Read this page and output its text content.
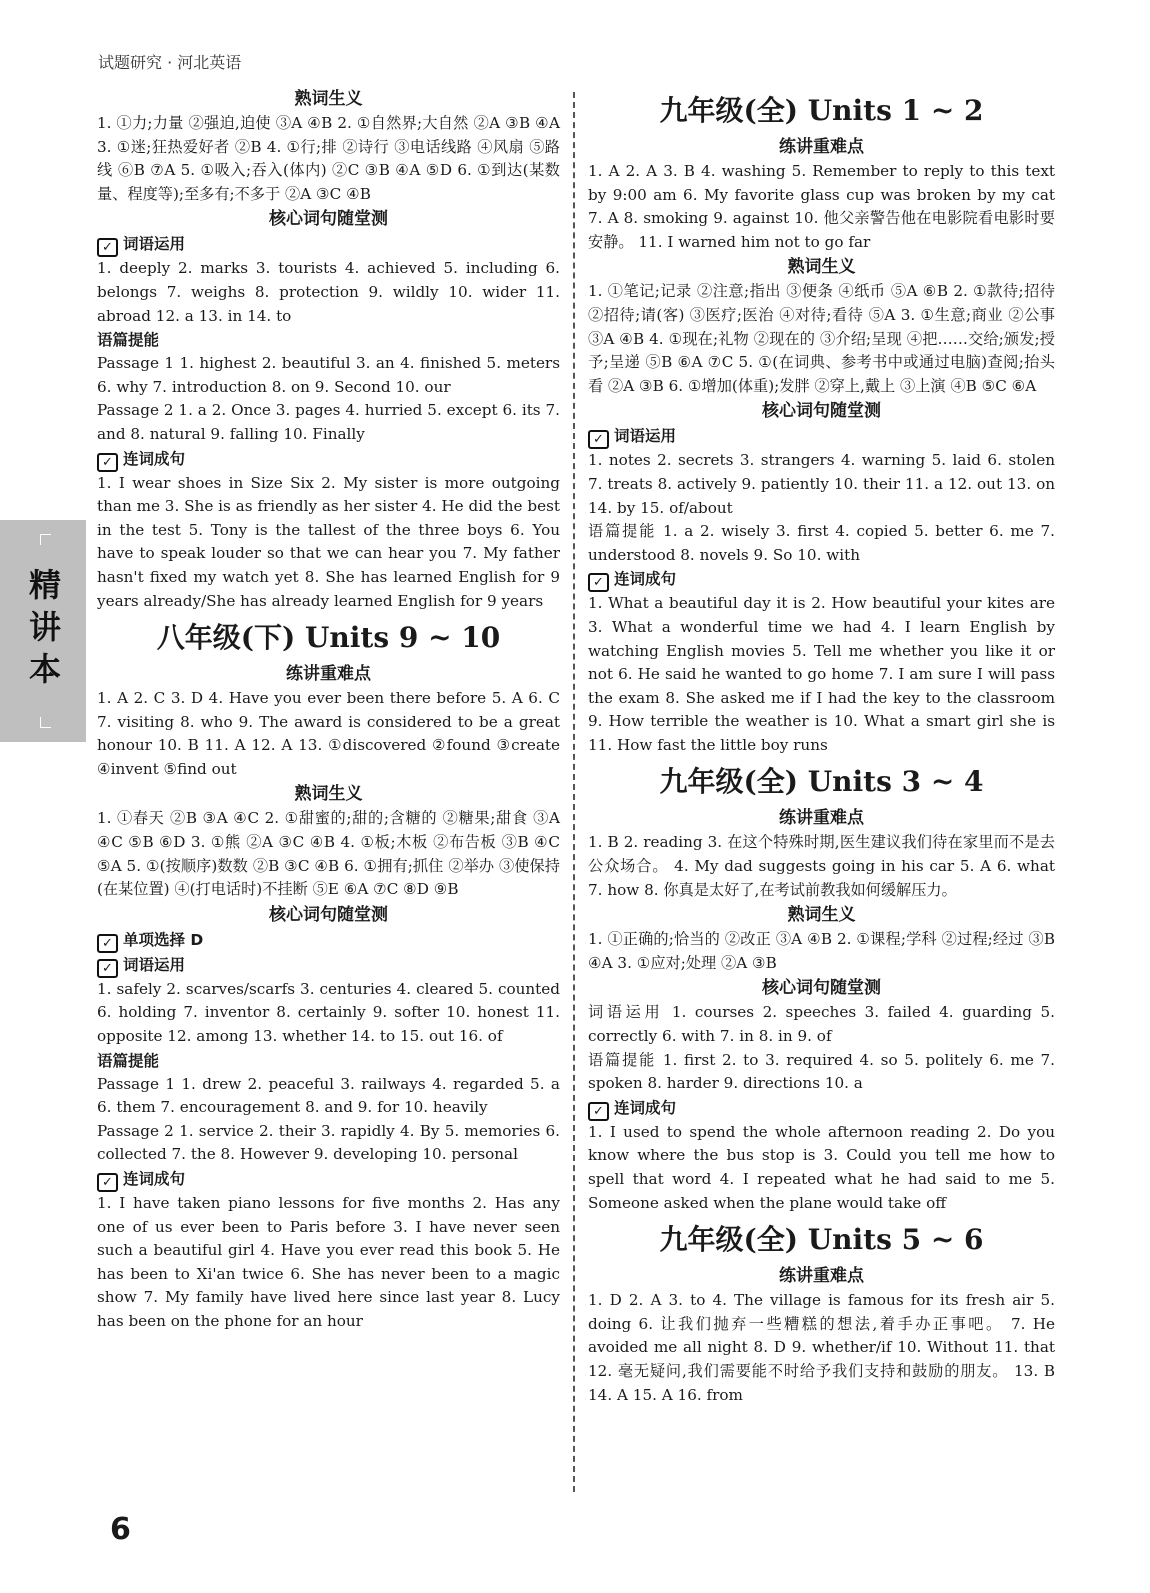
试题研究 · 河北英语
精讲本
熟词生义
1. ①力;力量 ②强迫,迫使 ③A ④B 2. ①自然界;大自然 ②A ③B ④A 3. ①迷;狂热爱好者 ②B 4. ①行;排 ②诗行 ③电话线路 ④风扇 ⑤路线 ⑥B ⑦A 5. ①吸入;吞入(体内) ②C ③B ④A ⑤D 6. ①到达(某数量、程度等);至多有;不多于 ②A ③C ④B
核心词句随堂测
✓ 词语运用
1. deeply 2. marks 3. tourists 4. achieved 5. including 6. belongs 7. weighs 8. protection 9. wildly 10. wider 11. abroad 12. a 13. in 14. to
语篇提能
Passage 1 1. highest 2. beautiful 3. an 4. finished 5. meters 6. why 7. introduction 8. on 9. Second 10. our
Passage 2 1. a 2. Once 3. pages 4. hurried 5. except 6. its 7. and 8. natural 9. falling 10. Finally
✓ 连词成句
1. I wear shoes in Size Six 2. My sister is more outgoing than me 3. She is as friendly as her sister 4. He did the best in the test 5. Tony is the tallest of the three boys 6. You have to speak louder so that we can hear you 7. My father hasn't fixed my watch yet 8. She has learned English for 9 years already/She has already learned English for 9 years
八年级(下) Units 9 ~ 10
练讲重难点
1. A 2. C 3. D 4. Have you ever been there before 5. A 6. C 7. visiting 8. who 9. The award is considered to be a great honour 10. B 11. A 12. A 13. ①discovered ②found ③create ④invent ⑤find out
熟词生义
1. ①春天 ②B ③A ④C 2. ①甜蜜的;甜的;含糖的 ②糖果;甜食 ③A ④C ⑤B ⑥D 3. ①熊 ②A ③C ④B 4. ①板;木板 ②布告板 ③B ④C ⑤A 5. ①(按顺序)数数 ②B ③C ④B 6. ①拥有;抓住 ②举办 ③使保持(在某位置) ④(打电话时)不挂断 ⑤E ⑥A ⑦C ⑧D ⑨B
核心词句随堂测
✓ 单项选择 D
✓ 词语运用
1. safely 2. scarves/scarfs 3. centuries 4. cleared 5. counted 6. holding 7. inventor 8. certainly 9. softer 10. honest 11. opposite 12. among 13. whether 14. to 15. out 16. of
语篇提能
Passage 1 1. drew 2. peaceful 3. railways 4. regarded 5. a 6. them 7. encouragement 8. and 9. for 10. heavily
Passage 2 1. service 2. their 3. rapidly 4. By 5. memories 6. collected 7. the 8. However 9. developing 10. personal
✓ 连词成句
1. I have taken piano lessons for five months 2. Has any one of us ever been to Paris before 3. I have never seen such a beautiful girl 4. Have you ever read this book 5. He has been to Xi'an twice 6. She has never been to a magic show 7. My family have lived here since last year 8. Lucy has been on the phone for an hour
九年级(全) Units 1 ~ 2
练讲重难点
1. A 2. A 3. B 4. washing 5. Remember to reply to this text by 9:00 am 6. My favorite glass cup was broken by my cat 7. A 8. smoking 9. against 10. 他父亲警告他在电影院看电影时要安静。 11. I warned him not to go far
熟词生义
1. ①笔记;记录 ②注意;指出 ③便条 ④纸币 ⑤A ⑥B 2. ①款待;招待 ②招待;请(客) ③医疗;医治 ④对待;看待 ⑤A 3. ①生意;商业 ②公事 ③A ④B 4. ①现在;礼物 ②现在的 ③介绍;呈现 ④把……交给;颁发;授予;呈递 ⑤B ⑥A ⑦C 5. ①(在词典、参考书中或通过电脑)查阅;抬头看 ②A ③B 6. ①增加(体重);发胖 ②穿上,戴上 ③上演 ④B ⑤C ⑥A
核心词句随堂测
✓ 词语运用
1. notes 2. secrets 3. strangers 4. warning 5. laid 6. stolen 7. treats 8. actively 9. patiently 10. their 11. a 12. out 13. on 14. by 15. of/about
语篇提能 1. a 2. wisely 3. first 4. copied 5. better 6. me 7. understood 8. novels 9. So 10. with
✓ 连词成句
1. What a beautiful day it is 2. How beautiful your kites are 3. What a wonderful time we had 4. I learn English by watching English movies 5. Tell me whether you like it or not 6. He said he wanted to go home 7. I am sure I will pass the exam 8. She asked me if I had the key to the classroom 9. How terrible the weather is 10. What a smart girl she is 11. How fast the little boy runs
九年级(全) Units 3 ~ 4
练讲重难点
1. B 2. reading 3. 在这个特殊时期,医生建议我们待在家里而不是去公众场合。 4. My dad suggests going in his car 5. A 6. what 7. how 8. 你真是太好了,在考试前教我如何缓解压力。
熟词生义
1. ①正确的;恰当的 ②改正 ③A ④B 2. ①课程;学科 ②过程;经过 ③B ④A 3. ①应对;处理 ②A ③B
核心词句随堂测
词语运用 1. courses 2. speeches 3. failed 4. guarding 5. correctly 6. with 7. in 8. in 9. of
语篇提能 1. first 2. to 3. required 4. so 5. politely 6. me 7. spoken 8. harder 9. directions 10. a
✓ 连词成句
1. I used to spend the whole afternoon reading 2. Do you know where the bus stop is 3. Could you tell me how to spell that word 4. I repeated what he had said to me 5. Someone asked when the plane would take off
九年级(全) Units 5 ~ 6
练讲重难点
1. D 2. A 3. to 4. The village is famous for its fresh air 5. doing 6. 让我们抛弃一些糟糕的想法,着手办正事吧。 7. He avoided me all night 8. D 9. whether/if 10. Without 11. that 12. 毫无疑问,我们需要能不时给予我们支持和鼓励的朋友。 13. B 14. A 15. A 16. from
6
